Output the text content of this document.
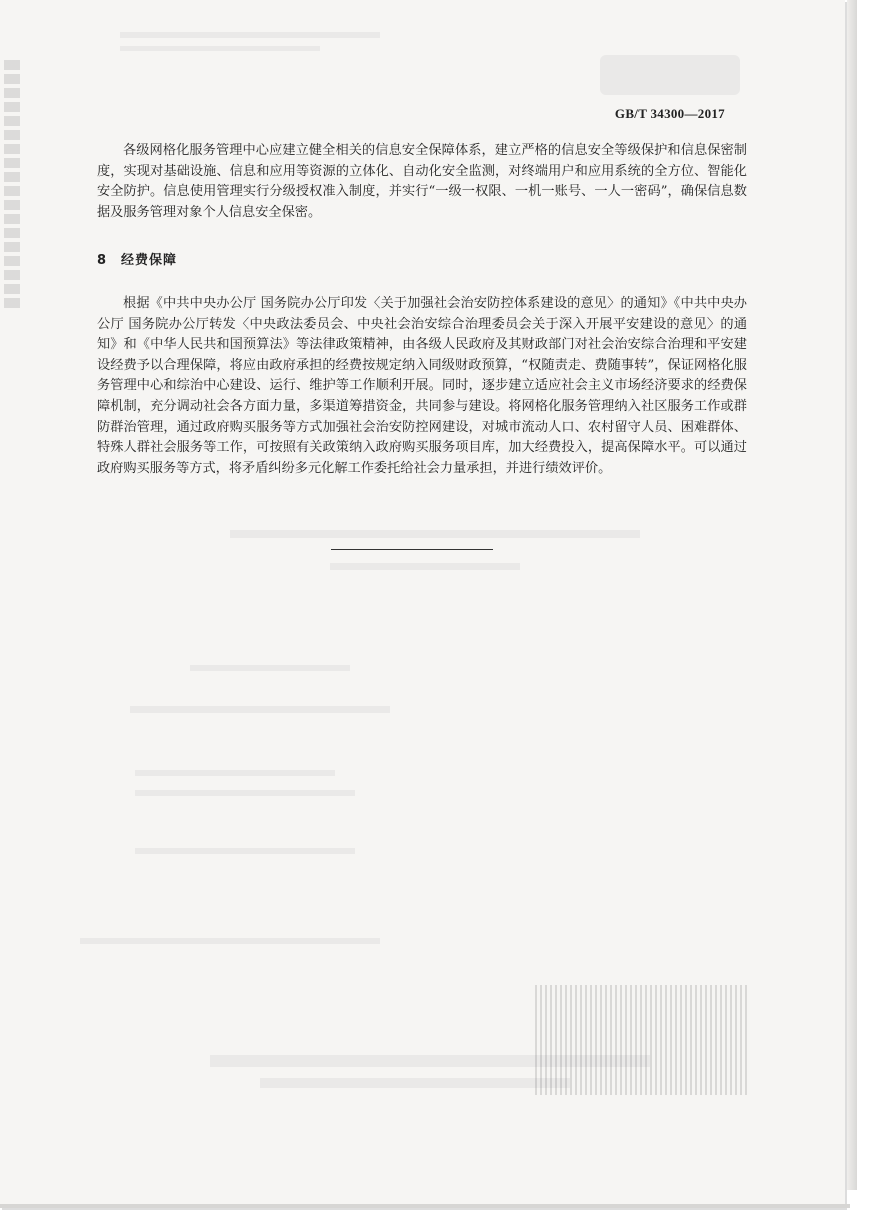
GB/T 34300—2017

各级网格化服务管理中心应建立健全相关的信息安全保障体系，建立严格的信息安全等级保护和信息保密制度，实现对基础设施、信息和应用等资源的立体化、自动化安全监测，对终端用户和应用系统的全方位、智能化安全防护。信息使用管理实行分级授权准入制度，并实行“一级一权限、一机一账号、一人一密码”，确保信息数据及服务管理对象个人信息安全保密。

8 经费保障

根据《中共中央办公厅 国务院办公厅印发〈关于加强社会治安防控体系建设的意见〉的通知》《中共中央办公厅 国务院办公厅转发〈中央政法委员会、中央社会治安综合治理委员会关于深入开展平安建设的意见〉的通知》和《中华人民共和国预算法》等法律政策精神，由各级人民政府及其财政部门对社会治安综合治理和平安建设经费予以合理保障，将应由政府承担的经费按规定纳入同级财政预算，“权随责走、费随事转”，保证网格化服务管理中心和综治中心建设、运行、维护等工作顺利开展。同时，逐步建立适应社会主义市场经济要求的经费保障机制，充分调动社会各方面力量，多渠道筹措资金，共同参与建设。将网格化服务管理纳入社区服务工作或群防群治管理，通过政府购买服务等方式加强社会治安防控网建设，对城市流动人口、农村留守人员、困难群体、特殊人群社会服务等工作，可按照有关政策纳入政府购买服务项目库，加大经费投入，提高保障水平。可以通过政府购买服务等方式，将矛盾纠纷多元化解工作委托给社会力量承担，并进行绩效评价。
